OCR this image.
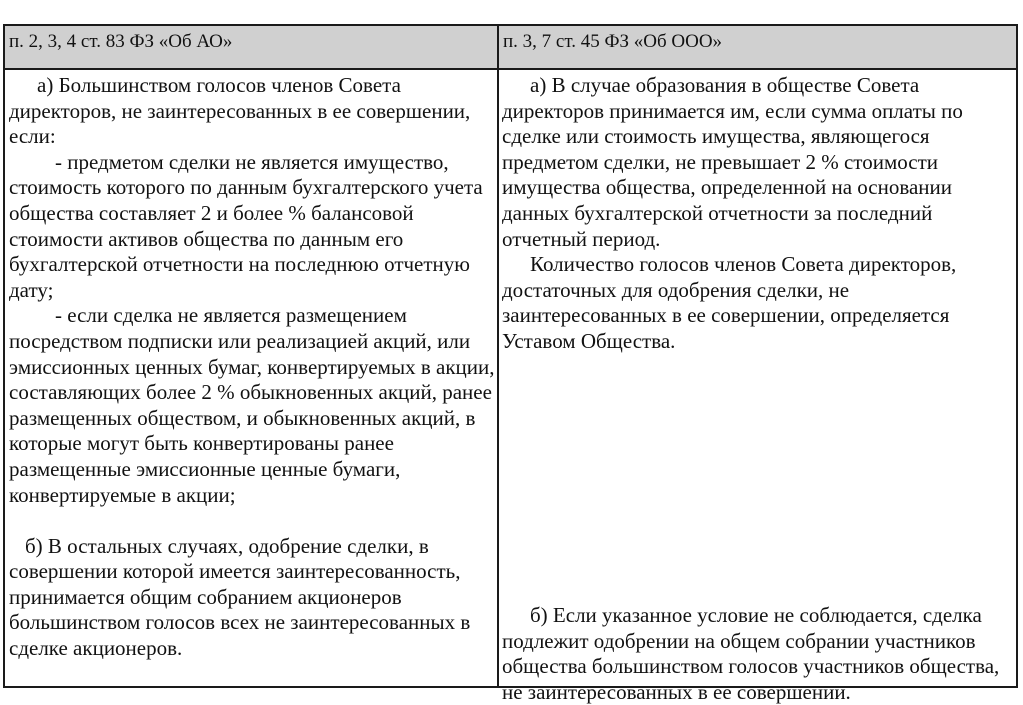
п. 2, 3, 4 ст. 83 ФЗ «Об АО»	п. 3, 7 ст. 45 ФЗ «Об ООО»

а) Большинством голосов членов Совета директоров, не заинтересованных в ее совершении, если:

- предметом сделки не является имущество, стоимость которого по данным бухгалтерского учета общества составляет 2 и более % балансовой стоимости активов общества по данным его бухгалтерской отчетности на последнюю отчетную дату;

- если сделка не является размещением посредством подписки или реализацией акций, или эмиссионных ценных бумаг, конвертируемых в акции, составляющих более 2 % обыкновенных акций, ранее размещенных обществом, и обыкновенных акций, в которые могут быть конвертированы ранее размещенные эмиссионные ценные бумаги, конвертируемые в акции;

б) В остальных случаях, одобрение сделки, в совершении которой имеется заинтересованность, принимается общим собранием акционеров большинством голосов всех не заинтересованных в сделке акционеров.

а) В случае образования в обществе Совета директоров принимается им, если сумма оплаты по сделке или стоимость имущества, являющегося предметом сделки, не превышает 2 % стоимости имущества общества, определенной на основании данных бухгалтерской отчетности за последний отчетный период.

Количество голосов членов Совета директоров, достаточных для одобрения сделки, не заинтересованных в ее совершении, определяется Уставом Общества.

б) Если указанное условие не соблюдается, сделка подлежит одобрении на общем собрании участников общества большинством голосов участников общества, не заинтересованных в ее совершении.
